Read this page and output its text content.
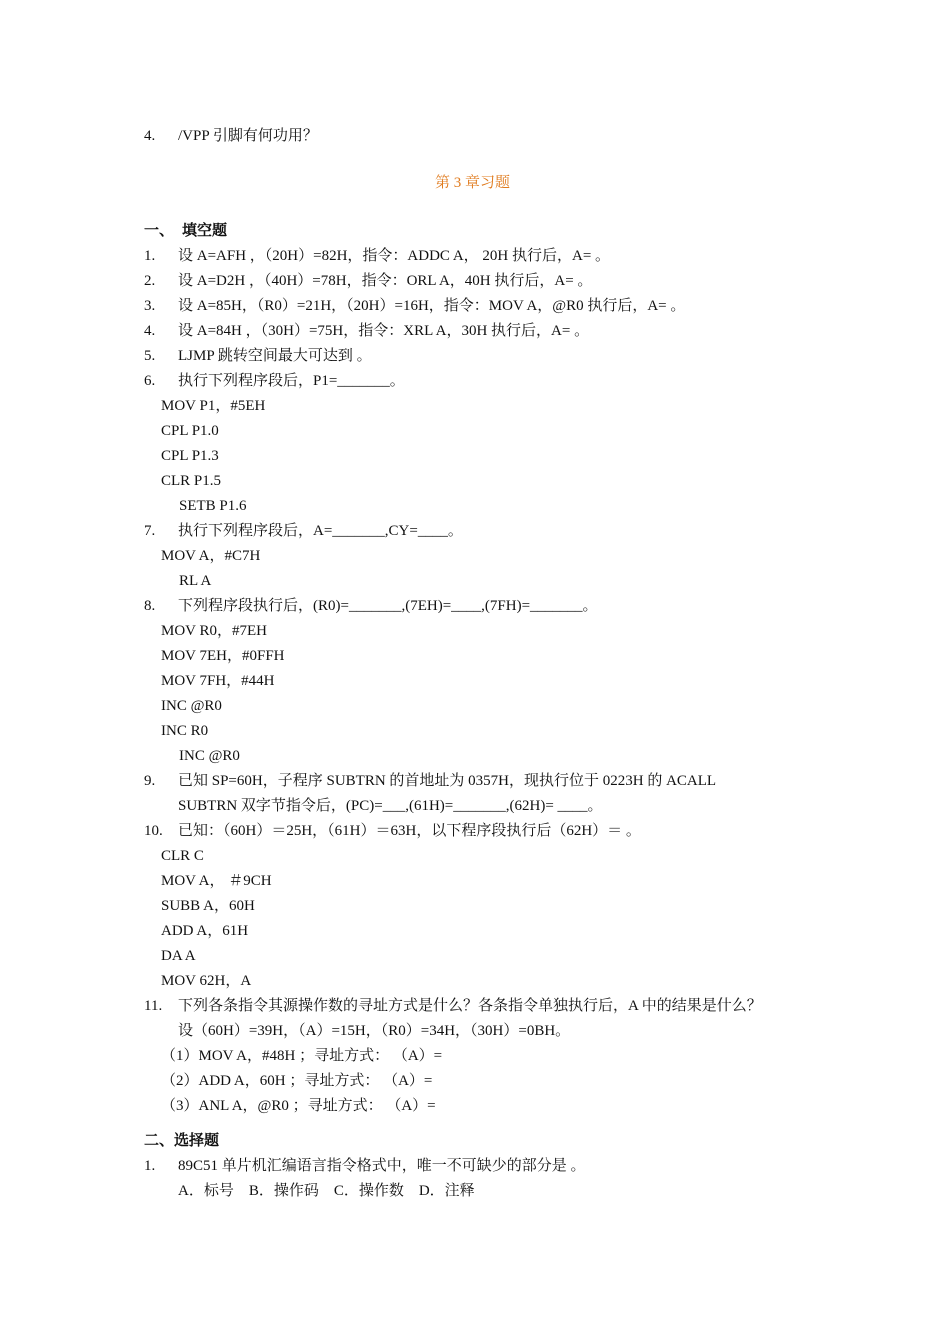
4. /VPP 引脚有何功用？
第 3 章习题
一、 填空题
1. 设 A=AFH ，（20H）=82H，指令：ADDC A， 20H 执行后，A= 。
2. 设 A=D2H ，（40H）=78H，指令：ORL A，40H 执行后，A= 。
3. 设 A=85H，（R0）=21H，（20H）=16H，指令：MOV A，@R0 执行后，A= 。
4. 设 A=84H ，（30H）=75H，指令：XRL A，30H 执行后，A= 。
5. LJMP 跳转空间最大可达到 。
6. 执行下列程序段后，P1=_______。
MOV P1，#5EH
CPL P1.0
CPL P1.3
CLR P1.5
SETB P1.6
7. 执行下列程序段后，A=_______,CY=____。
MOV A，#C7H
RL A
8. 下列程序段执行后，(R0)=_______,(7EH)=____,(7FH)=_______。
MOV R0，#7EH
MOV 7EH，#0FFH
MOV 7FH，#44H
INC @R0
INC R0
INC @R0
9. 已知 SP=60H，子程序 SUBTRN 的首地址为 0357H，现执行位于 0223H 的 ACALL
SUBTRN 双字节指令后，(PC)=___,(61H)=_______,(62H)= ____。
10. 已知：（60H）＝25H，（61H）＝63H，以下程序段执行后（62H）＝ 。
CLR C
MOV A， ＃9CH
SUBB A，60H
ADD A，61H
DA A
MOV 62H，A
11. 下列各条指令其源操作数的寻址方式是什么？各条指令单独执行后，A 中的结果是什么？
设（60H）=39H，（A）=15H，（R0）=34H，（30H）=0BH。
（1）MOV A，#48H ；寻址方式： （A）=
（2）ADD A，60H ；寻址方式： （A）=
（3）ANL A，@R0 ；寻址方式： （A）=
二、选择题
1. 89C51 单片机汇编语言指令格式中，唯一不可缺少的部分是 。
A．标号    B．操作码    C．操作数    D．注释
